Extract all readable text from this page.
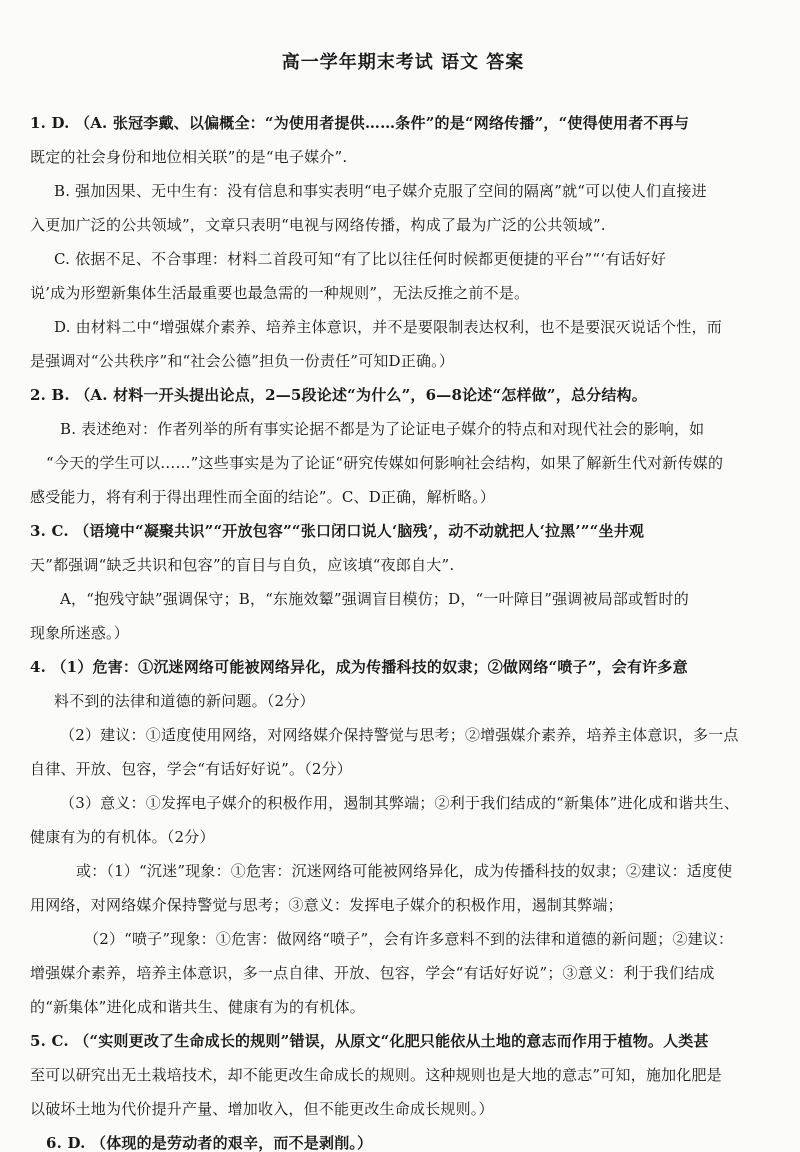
高一学年期末考试 语文 答案
1. D. （A. 张冠李戴、以偏概全：“为使用者提供……条件”的是“网络传播”，“使得使用者不再与
既定的社会身份和地位相关联”的是“电子媒介”.
B. 强加因果、无中生有：没有信息和事实表明“电子媒介克服了空间的隔离”就“可以使人们直接进
入更加广泛的公共领域”，文章只表明“电视与网络传播，构成了最为广泛的公共领域”.
C. 依据不足、不合事理：材料二首段可知“有了比以往任何时候都更便捷的平台”“‘有话好好
说’成为形塑新集体生活最重要也最急需的一种规则”，无法反推之前不是。
D. 由材料二中“增强媒介素养、培养主体意识，并不是要限制表达权利，也不是要泯灭说话个性，而
是强调对“公共秩序”和“社会公德”担负一份责任”可知D正确。）
2. B. （A. 材料一开头提出论点，2—5段论述“为什么”，6—8论述“怎样做”，总分结构。
B. 表述绝对：作者列举的所有事实论据不都是为了论证电子媒介的特点和对现代社会的影响，如
“今天的学生可以……”这些事实是为了论证“研究传媒如何影响社会结构，如果了解新生代对新传媒的
感受能力，将有利于得出理性而全面的结论”。C、D正确，解析略。）
3. C. （语境中“凝聚共识”“开放包容”“张口闭口说人‘脑残’，动不动就把人‘拉黑’”“坐井观
天”都强调“缺乏共识和包容”的盲目与自负，应该填“夜郎自大”.
A，“抱残守缺”强调保守；B，“东施效颦”强调盲目模仿；D，“一叶障目”强调被局部或暂时的
现象所迷惑。）
4. （1）危害：①沉迷网络可能被网络异化，成为传播科技的奴隶；②做网络“喷子”，会有许多意
料不到的法律和道德的新问题。（2分）
（2）建议：①适度使用网络，对网络媒介保持警觉与思考；②增强媒介素养，培养主体意识，多一点
自律、开放、包容，学会“有话好好说”。（2分）
（3）意义：①发挥电子媒介的积极作用，遏制其弊端；②利于我们结成的“新集体”进化成和谐共生、
健康有为的有机体。（2分）
或：（1）“沉迷”现象：①危害：沉迷网络可能被网络异化，成为传播科技的奴隶；②建议：适度使
用网络，对网络媒介保持警觉与思考；③意义：发挥电子媒介的积极作用，遏制其弊端；
（2）“喷子”现象：①危害：做网络“喷子”，会有许多意料不到的法律和道德的新问题；②建议：
增强媒介素养，培养主体意识，多一点自律、开放、包容，学会“有话好好说”；③意义：利于我们结成
的“新集体”进化成和谐共生、健康有为的有机体。
5. C. （“实则更改了生命成长的规则”错误，从原文“化肥只能依从土地的意志而作用于植物。人类甚
至可以研究出无土栽培技术，却不能更改生命成长的规则。这种规则也是大地的意志”可知，施加化肥是
以破坏土地为代价提升产量、增加收入，但不能更改生命成长规则。）
6. D. （体现的是劳动者的艰辛，而不是剥削。）
